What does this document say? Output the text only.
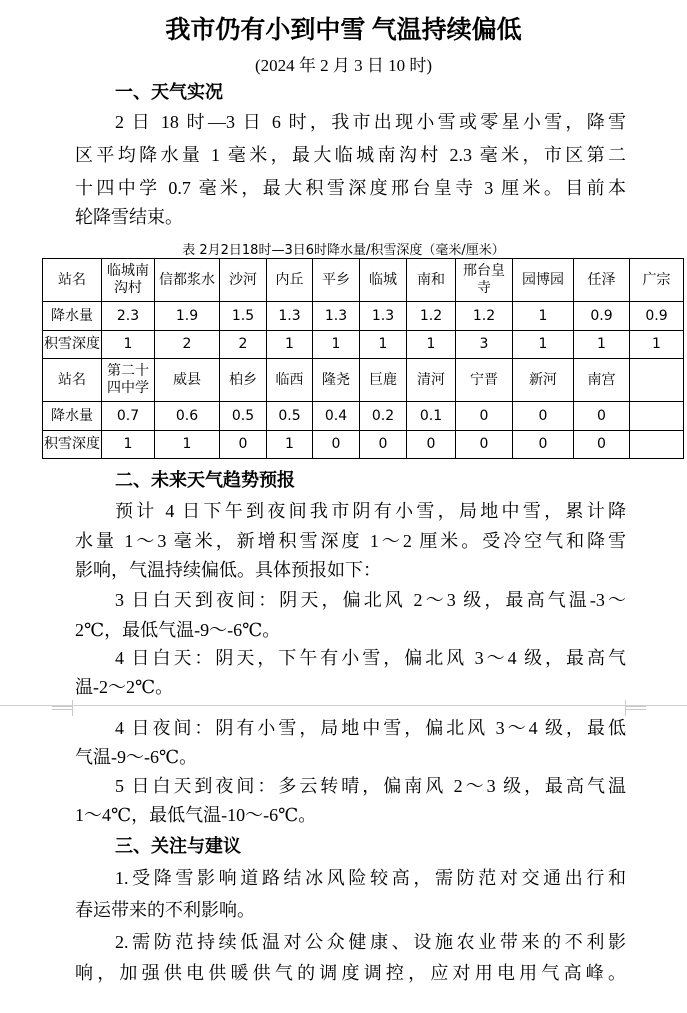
我市仍有小到中雪 气温持续偏低
(2024 年 2 月 3 日 10 时)
一、天气实况
2 日 18 时—3 日 6 时，我市出现小雪或零星小雪，降雪
区平均降水量 1 毫米，最大临城南沟村 2.3 毫米，市区第二
十四中学 0.7 毫米，最大积雪深度邢台皇寺 3 厘米。目前本
轮降雪结束。
表 2月2日18时—3日6时降水量/积雪深度（毫米/厘米）
站名	临城南沟村	信都浆水	沙河	内丘	平乡	临城	南和	邢台皇寺	园博园	任泽	广宗
降水量	2.3	1.9	1.5	1.3	1.3	1.3	1.2	1.2	1	0.9	0.9
积雪深度	1	2	2	1	1	1	1	3	1	1	1
站名	第二十四中学	威县	柏乡	临西	隆尧	巨鹿	清河	宁晋	新河	南宫	
降水量	0.7	0.6	0.5	0.5	0.4	0.2	0.1	0	0	0	
积雪深度	1	1	0	1	0	0	0	0	0	0	
二、未来天气趋势预报
预计 4 日下午到夜间我市阴有小雪，局地中雪，累计降
水量 1～3 毫米，新增积雪深度 1～2 厘米。受冷空气和降雪
影响，气温持续偏低。具体预报如下：
3 日白天到夜间：阴天，偏北风 2～3 级，最高气温-3～
2℃，最低气温-9～-6℃。
4 日白天：阴天，下午有小雪，偏北风 3～4 级，最高气
温-2～2℃。
4 日夜间：阴有小雪，局地中雪，偏北风 3～4 级，最低
气温-9～-6℃。
5 日白天到夜间：多云转晴，偏南风 2～3 级，最高气温
1～4℃，最低气温-10～-6℃。
三、关注与建议
1.受降雪影响道路结冰风险较高，需防范对交通出行和
春运带来的不利影响。
2.需防范持续低温对公众健康、设施农业带来的不利影
响，加强供电供暖供气的调度调控，应对用电用气高峰。
